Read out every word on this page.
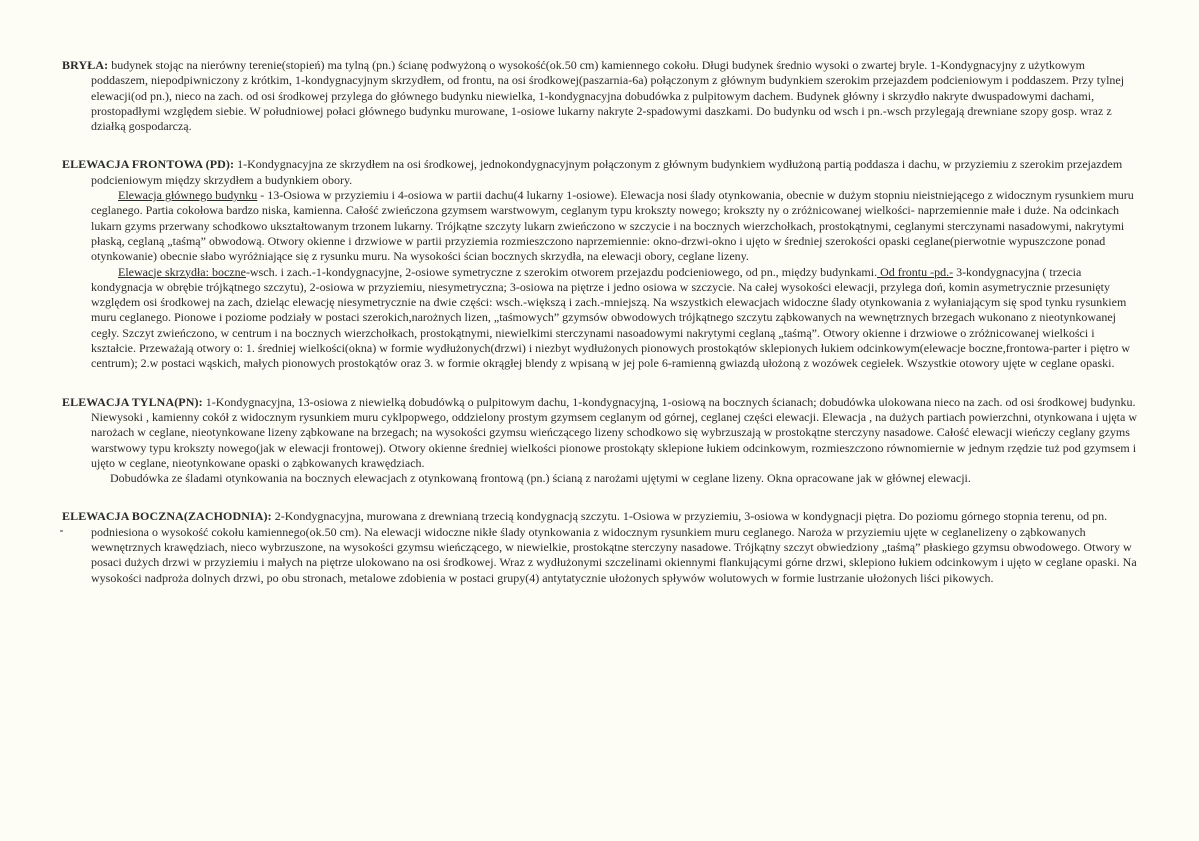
BRYŁA: budynek stojąc na nierówny terenie(stopień) ma tylną (pn.) ścianę podwyżoną o wysokość(ok.50 cm) kamiennego cokołu. Długi budynek średnio wysoki o zwartej bryle. 1-Kondygnacyjny z użytkowym poddaszem, niepodpiwniczony z krótkim, 1-kondygnacyjnym skrzydłem, od frontu, na osi środkowej(paszarnia-6a) połączonym z głównym budynkiem szerokim przejazdem podcieniowym i poddaszem. Przy tylnej elewacji(od pn.), nieco na zach. od osi środkowej przylega do głównego budynku niewielka, 1-kondygnacyjna dobudówka z pulpitowym dachem. Budynek główny i skrzydło nakryte dwuspadowymi dachami, prostopadłymi względem siebie. W południowej połaci głównego budynku murowane, 1-osiowe lukarny nakryte 2-spadowymi daszkami. Do budynku od wsch i pn.-wsch przylegają drewniane szopy gosp. wraz z działką gospodarczą.

ELEWACJA FRONTOWA (PD): 1-Kondygnacyjna ze skrzydłem na osi środkowej, jednokondygnacyjnym połączonym z głównym budynkiem wydłużoną partią poddasza i dachu, w przyziemiu z szerokim przejazdem podcieniowym między skrzydłem a budynkiem obory.

Elewacja głównego budynku - 13-Osiowa w przyziemiu i 4-osiowa w partii dachu(4 lukarny 1-osiowe). Elewacja nosi ślady otynkowania, obecnie w dużym stopniu nieistniejącego z widocznym rysunkiem muru ceglanego. Partia cokołowa bardzo niska, kamienna. Całość zwieńczona gzymsem warstwowym, ceglanym typu krokszty nowego; krokszty ny o zróżnicowanej wielkości- naprzemiennie małe i duże. Na odcinkach lukarn gzyms przerwany schodkowo ukształtowanym trzonem lukarny. Trójkątne szczyty lukarn zwieńczono w szczycie i na bocznych wierzchołkach, prostokątnymi, ceglanymi sterczynami nasadowymi, nakrytymi płaską, ceglaną „taśmą” obwodową. Otwory okienne i drzwiowe w partii przyziemia rozmieszczono naprzemiennie: okno-drzwi-okno i ujęto w średniej szerokości opaski ceglane(pierwotnie wypuszczone ponad otynkowanie) obecnie słabo wyróżniające się z rysunku muru. Na wysokości ścian bocznych skrzydła, na elewacji obory, ceglane lizeny.

Elewacje skrzydła: boczne-wsch. i zach.-1-kondygnacyjne, 2-osiowe symetryczne z szerokim otworem przejazdu podcieniowego, od pn., między budynkami. Od frontu -pd.- 3-kondygnacyjna ( trzecia kondygnacja w obrębie trójkątnego szczytu), 2-osiowa w przyziemiu, niesymetryczna; 3-osiowa na piętrze i jedno osiowa w szczycie. Na całej wysokości elewacji, przylega doń, komin asymetrycznie przesunięty względem osi środkowej na zach, dzieląc elewację niesymetrycznie na dwie części: wsch.-większą i zach.-mniejszą. Na wszystkich elewacjach widoczne ślady otynkowania z wyłaniającym się spod tynku rysunkiem muru ceglanego. Pionowe i poziome podziały w postaci szerokich,narożnych lizen, „taśmowych” gzymsów obwodowych trójkątnego szczytu ząbkowanych na wewnętrznych brzegach wukonano z nieotynkowanej cegły. Szczyt zwieńczono, w centrum i na bocznych wierzchołkach, prostokątnymi, niewielkimi sterczynami nasoadowymi nakrytymi ceglaną „taśmą”. Otwory okienne i drzwiowe o zróżnicowanej wielkości i kształcie. Przeważają otwory o: 1. średniej wielkości(okna) w formie wydłużonych(drzwi) i niezbyt wydłużonych pionowych prostokątów sklepionych łukiem odcinkowym(elewacje boczne,frontowa-parter i piętro w centrum); 2.w postaci wąskich, małych pionowych prostokątów oraz 3. w formie okrągłej blendy z wpisaną w jej pole 6-ramienną gwiazdą ułożoną z wozówek cegiełek. Wszystkie otowory ujęte w ceglane opaski.

ELEWACJA TYLNA(PN): 1-Kondygnacyjna, 13-osiowa z niewielką dobudówką o pulpitowym dachu, 1-kondygnacyjną, 1-osiową na bocznych ścianach; dobudówka ulokowana nieco na zach. od osi środkowej budynku. Niewysoki , kamienny cokół z widocznym rysunkiem muru cyklpopwego, oddzielony prostym gzymsem ceglanym od górnej, ceglanej części elewacji. Elewacja , na dużych partiach powierzchni, otynkowana i ujęta w narożach w ceglane, nieotynkowane lizeny ząbkowane na brzegach; na wysokości gzymsu wieńczącego lizeny schodkowo się wybrzuszają w prostokątne sterczyny nasadowe. Całość elewacji wieńczy ceglany gzyms warstwowy typu krokszty nowego(jak w elewacji frontowej). Otwory okienne średniej wielkości pionowe prostokąty sklepione łukiem odcinkowym, rozmieszczono równomiernie w jednym rzędzie tuż pod gzymsem i ujęto w ceglane, nieotynkowane opaski o ząbkowanych krawędziach.

Dobudówka ze śladami otynkowania na bocznych elewacjach z otynkowaną frontową (pn.) ścianą z narożami ujętymi w ceglane lizeny. Okna opracowane jak w głównej elewacji.

ELEWACJA BOCZNA(ZACHODNIA): 2-Kondygnacyjna, murowana z drewnianą trzecią kondygnacją szczytu. 1-Osiowa w przyziemiu, 3-osiowa w kondygnacji piętra. Do poziomu górnego stopnia terenu, od pn. podniesiona o wysokość cokołu kamiennego(ok.50 cm). Na elewacji widoczne nikłe ślady otynkowania z widocznym rysunkiem muru ceglanego. Naroża w przyziemiu ujęte w ceglanelizeny o ząbkowanych wewnętrznych krawędziach, nieco wybrzuszone, na wysokości gzymsu wieńczącego, w niewielkie, prostokątne sterczyny nasadowe. Trójkątny szczyt obwiedziony „taśmą” płaskiego gzymsu obwodowego. Otwory w posaci dużych drzwi w przyziemiu i małych na piętrze ulokowano na osi środkowej. Wraz z wydłużonymi szczelinami okiennymi flankującymi górne drzwi, sklepiono łukiem odcinkowym i ujęto w ceglane opaski. Na wysokości nadproża dolnych drzwi, po obu stronach, metalowe zdobienia w postaci grupy(4) antytatycznie ułożonych spływów wolutowych w formie lustrzanie ułożonych liści pikowych.
